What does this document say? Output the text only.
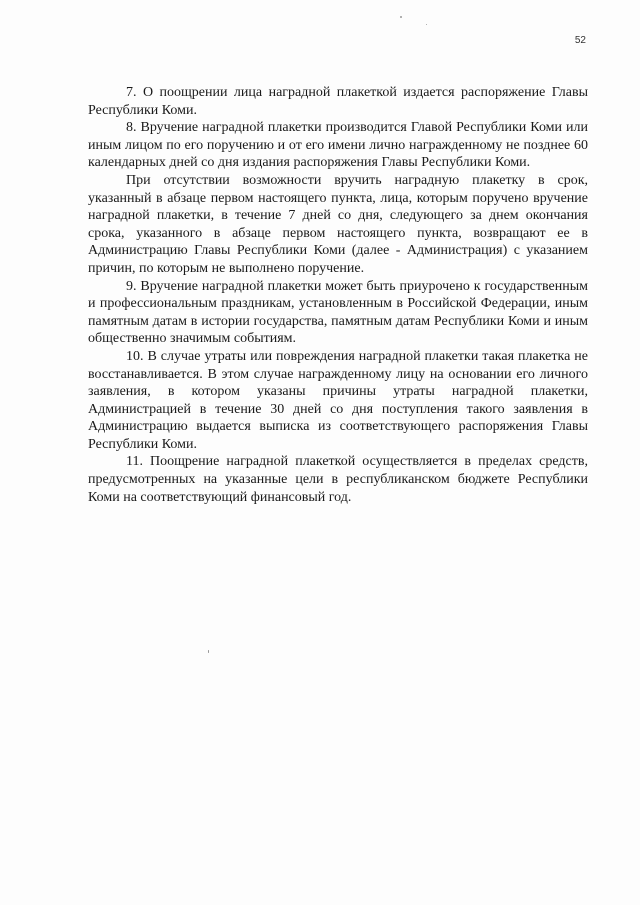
52

7. О поощрении лица наградной плакеткой издается распоряжение Главы Республики Коми.

8. Вручение наградной плакетки производится Главой Республики Коми или иным лицом по его поручению и от его имени лично награжденному не позднее 60 календарных дней со дня издания распоряжения Главы Республики Коми.

При отсутствии возможности вручить наградную плакетку в срок, указанный в абзаце первом настоящего пункта, лица, которым поручено вручение наградной плакетки, в течение 7 дней со дня, следующего за днем окончания срока, указанного в абзаце первом настоящего пункта, возвращают ее в Администрацию Главы Республики Коми (далее - Администрация) с указанием причин, по которым не выполнено поручение.

9. Вручение наградной плакетки может быть приурочено к государственным и профессиональным праздникам, установленным в Российской Федерации, иным памятным датам в истории государства, памятным датам Республики Коми и иным общественно значимым событиям.

10. В случае утраты или повреждения наградной плакетки такая плакетка не восстанавливается. В этом случае награжденному лицу на основании его личного заявления, в котором указаны причины утраты наградной плакетки, Администрацией в течение 30 дней со дня поступления такого заявления в Администрацию выдается выписка из соответствующего распоряжения Главы Республики Коми.

11. Поощрение наградной плакеткой осуществляется в пределах средств, предусмотренных на указанные цели в республиканском бюджете Республики Коми на соответствующий финансовый год.
